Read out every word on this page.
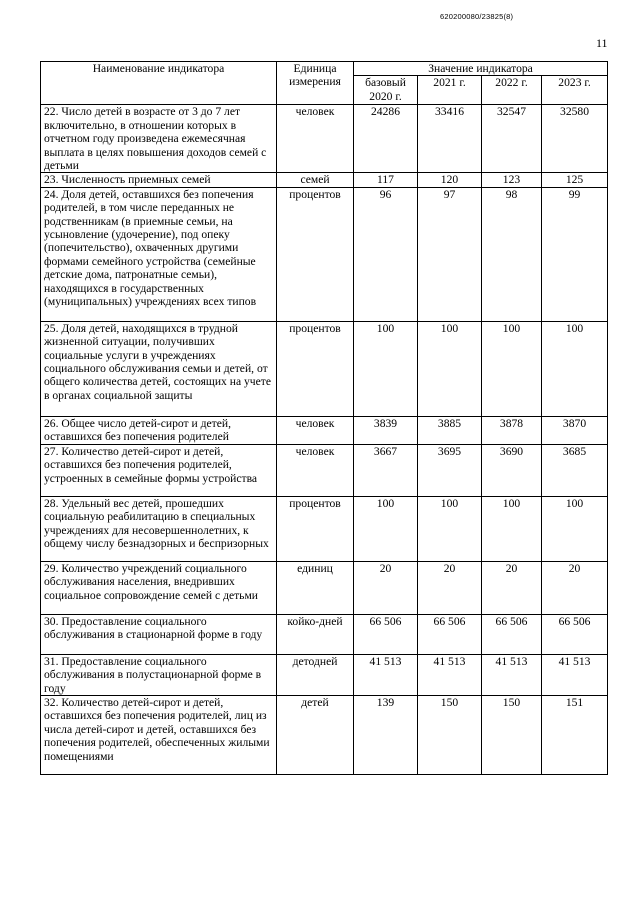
620200080/23825(8)
11
Наименование индикатора	Единица измерения	Значение индикатора			
		базовый 2020 г.	2021 г.	2022 г.	2023 г.
22. Число детей в возрасте от 3 до 7 лет включительно, в отношении которых в отчетном году произведена ежемесячная выплата в целях повышения доходов семей с детьми	человек	24286	33416	32547	32580
23. Численность приемных семей	семей	117	120	123	125
24. Доля детей, оставшихся без попечения родителей, в том числе переданных не родственникам (в приемные семьи, на усыновление (удочерение), под опеку (попечительство), охваченных другими формами семейного устройства (семейные детские дома, патронатные семьи), находящихся в государственных (муниципальных) учреждениях всех типов	процентов	96	97	98	99
25. Доля детей, находящихся в трудной жизненной ситуации, получивших социальные услуги в учреждениях социального обслуживания семьи и детей, от общего количества детей, состоящих на учете в органах социальной защиты	процентов	100	100	100	100
26. Общее число детей-сирот и детей, оставшихся без попечения родителей	человек	3839	3885	3878	3870
27. Количество детей-сирот и детей, оставшихся без попечения родителей, устроенных в семейные формы устройства	человек	3667	3695	3690	3685
28. Удельный вес детей, прошедших социальную реабилитацию в специальных учреждениях для несовершеннолетних, к общему числу безнадзорных и беспризорных	процентов	100	100	100	100
29. Количество учреждений социального обслуживания населения, внедривших социальное сопровождение семей с детьми	единиц	20	20	20	20
30. Предоставление социального обслуживания в стационарной форме в году	койко-дней	66 506	66 506	66 506	66 506
31. Предоставление социального обслуживания в полустационарной форме в году	детодней	41 513	41 513	41 513	41 513
32. Количество детей-сирот и детей, оставшихся без попечения родителей, лиц из числа детей-сирот и детей, оставшихся без попечения родителей, обеспеченных жилыми помещениями	детей	139	150	150	151
